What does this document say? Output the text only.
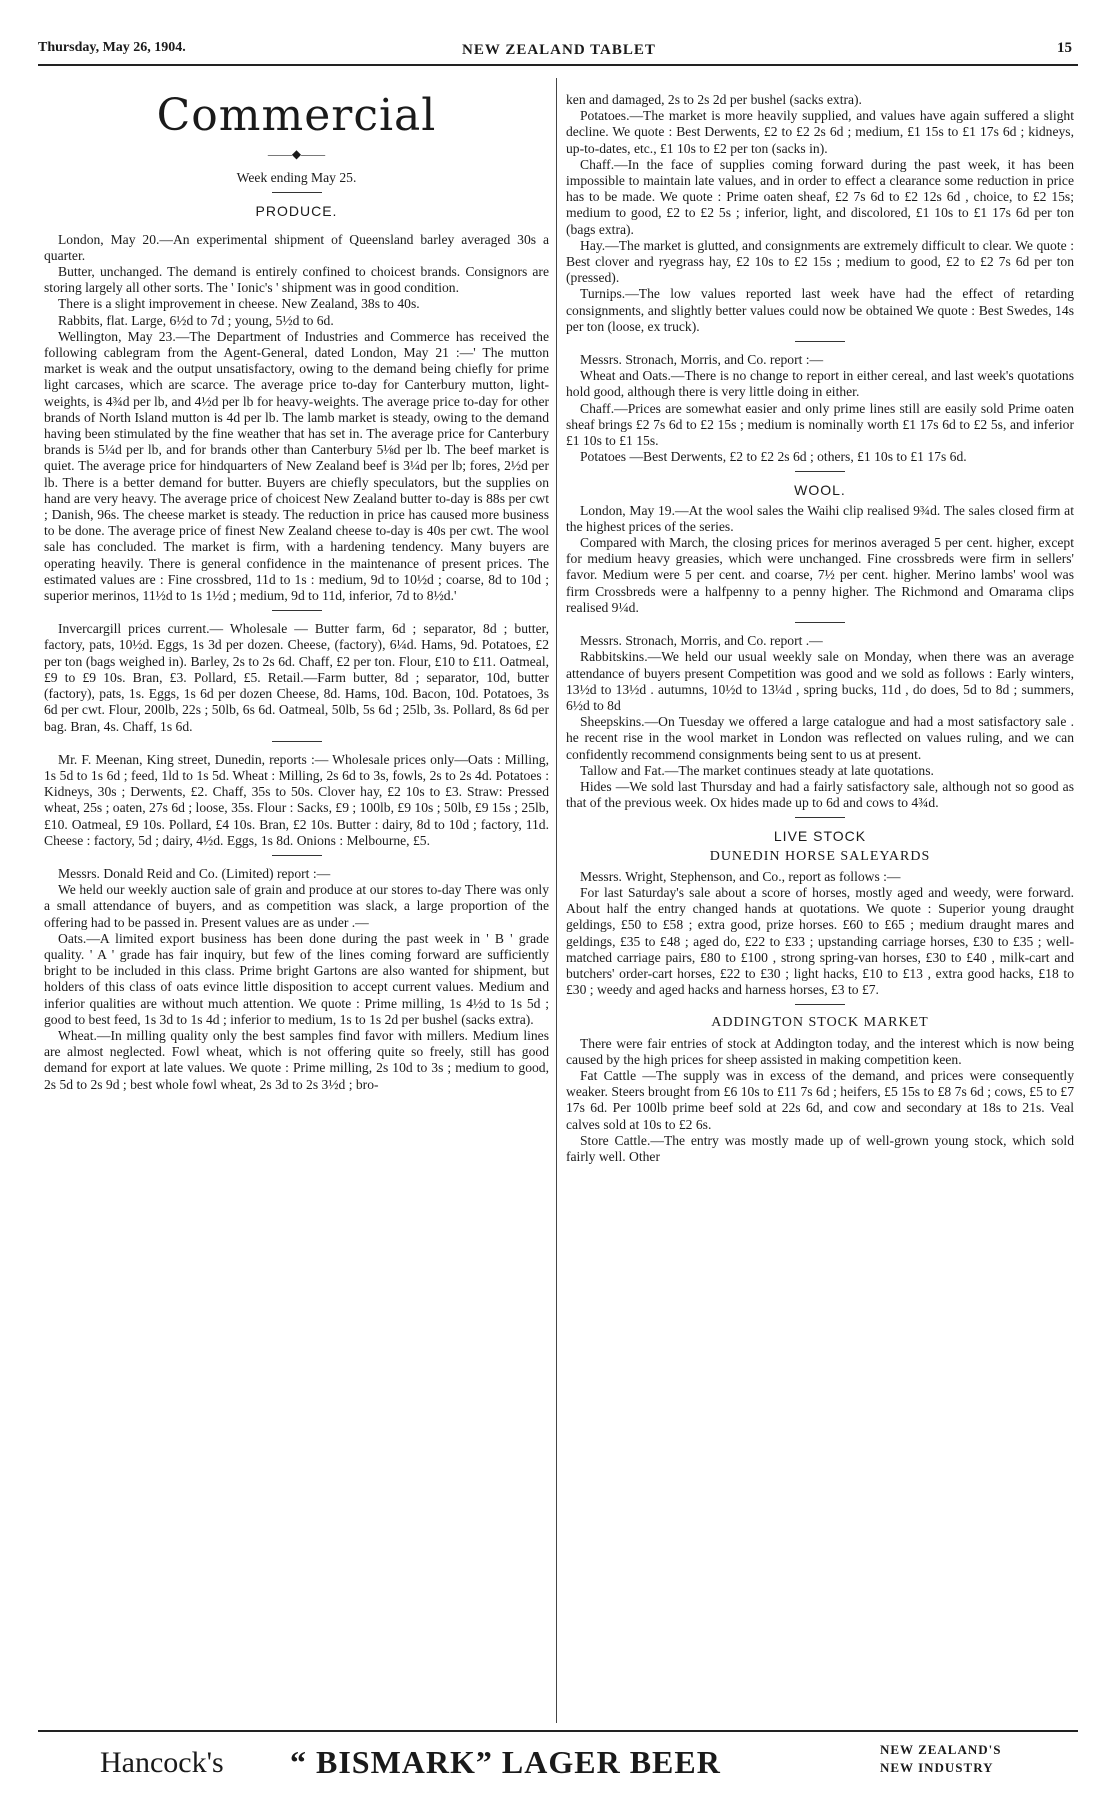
Thursday, May 26, 1904.	NEW ZEALAND TABLET	15
Commercial
——◆——

Week ending May 25.

PRODUCE.

London, May 20.—An experimental shipment of Queensland barley averaged 30s a quarter.

Butter, unchanged. The demand is entirely confined to choicest brands. Consignors are storing largely all other sorts. The ' Ionic's ' shipment was in good condition.

There is a slight improvement in cheese. New Zealand, 38s to 40s.

Rabbits, flat. Large, 6½d to 7d ; young, 5½d to 6d.

Wellington, May 23.—The Department of Industries and Commerce has received the following cablegram from the Agent-General, dated London, May 21 :—' The mutton market is weak and the output unsatisfactory, owing to the demand being chiefly for prime light carcases, which are scarce. The average price to-day for Canterbury mutton, light-weights, is 4¾d per lb, and 4½d per lb for heavy-weights. The average price to-day for other brands of North Island mutton is 4d per lb. The lamb market is steady, owing to the demand having been stimulated by the fine weather that has set in. The average price for Canterbury brands is 5¼d per lb, and for brands other than Canterbury 5⅛d per lb. The beef market is quiet. The average price for hindquarters of New Zealand beef is 3¼d per lb; fores, 2½d per lb. There is a better demand for butter. Buyers are chiefly speculators, but the supplies on hand are very heavy. The average price of choicest New Zealand butter to-day is 88s per cwt ; Danish, 96s. The cheese market is steady. The reduction in price has caused more business to be done. The average price of finest New Zealand cheese to-day is 40s per cwt. The wool sale has concluded. The market is firm, with a hardening tendency. Many buyers are operating heavily. There is general confidence in the maintenance of present prices. The estimated values are : Fine crossbred, 11d to 1s : medium, 9d to 10½d ; coarse, 8d to 10d ; superior merinos, 11½d to 1s 1½d ; medium, 9d to 11d, inferior, 7d to 8½d.'

Invercargill prices current.— Wholesale — Butter farm, 6d ; separator, 8d ; butter, factory, pats, 10½d. Eggs, 1s 3d per dozen. Cheese, (factory), 6¼d. Hams, 9d. Potatoes, £2 per ton (bags weighed in). Barley, 2s to 2s 6d. Chaff, £2 per ton. Flour, £10 to £11. Oatmeal, £9 to £9 10s. Bran, £3. Pollard, £5. Retail.—Farm butter, 8d ; separator, 10d, butter (factory), pats, 1s. Eggs, 1s 6d per dozen Cheese, 8d. Hams, 10d. Bacon, 10d. Potatoes, 3s 6d per cwt. Flour, 200lb, 22s ; 50lb, 6s 6d. Oatmeal, 50lb, 5s 6d ; 25lb, 3s. Pollard, 8s 6d per bag. Bran, 4s. Chaff, 1s 6d.

Mr. F. Meenan, King street, Dunedin, reports :— Wholesale prices only—Oats : Milling, 1s 5d to 1s 6d ; feed, 1ld to 1s 5d. Wheat : Milling, 2s 6d to 3s, fowls, 2s to 2s 4d. Potatoes : Kidneys, 30s ; Derwents, £2. Chaff, 35s to 50s. Clover hay, £2 10s to £3. Straw: Pressed wheat, 25s ; oaten, 27s 6d ; loose, 35s. Flour : Sacks, £9 ; 100lb, £9 10s ; 50lb, £9 15s ; 25lb, £10. Oatmeal, £9 10s. Pollard, £4 10s. Bran, £2 10s. Butter : dairy, 8d to 10d ; factory, 11d. Cheese : factory, 5d ; dairy, 4½d. Eggs, 1s 8d. Onions : Melbourne, £5.

Messrs. Donald Reid and Co. (Limited) report :—

We held our weekly auction sale of grain and produce at our stores to-day There was only a small attendance of buyers, and as competition was slack, a large proportion of the offering had to be passed in. Present values are as under .—

Oats.—A limited export business has been done during the past week in ' B ' grade quality. ' A ' grade has fair inquiry, but few of the lines coming forward are sufficiently bright to be included in this class. Prime bright Gartons are also wanted for shipment, but holders of this class of oats evince little disposition to accept current values. Medium and inferior qualities are without much attention. We quote : Prime milling, 1s 4½d to 1s 5d ; good to best feed, 1s 3d to 1s 4d ; inferior to medium, 1s to 1s 2d per bushel (sacks extra).

Wheat.—In milling quality only the best samples find favor with millers. Medium lines are almost neglected. Fowl wheat, which is not offering quite so freely, still has good demand for export at late values. We quote : Prime milling, 2s 10d to 3s ; medium to good, 2s 5d to 2s 9d ; best whole fowl wheat, 2s 3d to 2s 3½d ; bro-

ken and damaged, 2s to 2s 2d per bushel (sacks extra).

Potatoes.—The market is more heavily supplied, and values have again suffered a slight decline. We quote : Best Derwents, £2 to £2 2s 6d ; medium, £1 15s to £1 17s 6d ; kidneys, up-to-dates, etc., £1 10s to £2 per ton (sacks in).

Chaff.—In the face of supplies coming forward during the past week, it has been impossible to maintain late values, and in order to effect a clearance some reduction in price has to be made. We quote : Prime oaten sheaf, £2 7s 6d to £2 12s 6d , choice, to £2 15s; medium to good, £2 to £2 5s ; inferior, light, and discolored, £1 10s to £1 17s 6d per ton (bags extra).

Hay.—The market is glutted, and consignments are extremely difficult to clear. We quote : Best clover and ryegrass hay, £2 10s to £2 15s ; medium to good, £2 to £2 7s 6d per ton (pressed).

Turnips.—The low values reported last week have had the effect of retarding consignments, and slightly better values could now be obtained We quote : Best Swedes, 14s per ton (loose, ex truck).

Messrs. Stronach, Morris, and Co. report :—

Wheat and Oats.—There is no change to report in either cereal, and last week's quotations hold good, although there is very little doing in either.

Chaff.—Prices are somewhat easier and only prime lines still are easily sold Prime oaten sheaf brings £2 7s 6d to £2 15s ; medium is nominally worth £1 17s 6d to £2 5s, and inferior £1 10s to £1 15s.

Potatoes —Best Derwents, £2 to £2 2s 6d ; others, £1 10s to £1 17s 6d.

WOOL.

London, May 19.—At the wool sales the Waihi clip realised 9¾d. The sales closed firm at the highest prices of the series.

Compared with March, the closing prices for merinos averaged 5 per cent. higher, except for medium heavy greasies, which were unchanged. Fine crossbreds were firm in sellers' favor. Medium were 5 per cent. and coarse, 7½ per cent. higher. Merino lambs' wool was firm Crossbreds were a halfpenny to a penny higher. The Richmond and Omarama clips realised 9¼d.

Messrs. Stronach, Morris, and Co. report .—

Rabbitskins.—We held our usual weekly sale on Monday, when there was an average attendance of buyers present Competition was good and we sold as follows : Early winters, 13½d to 13½d . autumns, 10½d to 13¼d , spring bucks, 11d , do does, 5d to 8d ; summers, 6½d to 8d

Sheepskins.—On Tuesday we offered a large catalogue and had a most satisfactory sale . he recent rise in the wool market in London was reflected on values ruling, and we can confidently recommend consignments being sent to us at present.

Tallow and Fat.—The market continues steady at late quotations.

Hides —We sold last Thursday and had a fairly satisfactory sale, although not so good as that of the previous week. Ox hides made up to 6d and cows to 4¾d.

LIVE STOCK
DUNEDIN HORSE SALEYARDS

Messrs. Wright, Stephenson, and Co., report as follows :—

For last Saturday's sale about a score of horses, mostly aged and weedy, were forward. About half the entry changed hands at quotations. We quote : Superior young draught geldings, £50 to £58 ; extra good, prize horses. £60 to £65 ; medium draught mares and geldings, £35 to £48 ; aged do, £22 to £33 ; upstanding carriage horses, £30 to £35 ; well-matched carriage pairs, £80 to £100 , strong spring-van horses, £30 to £40 , milk-cart and butchers' order-cart horses, £22 to £30 ; light hacks, £10 to £13 , extra good hacks, £18 to £30 ; weedy and aged hacks and harness horses, £3 to £7.

ADDINGTON STOCK MARKET

There were fair entries of stock at Addington today, and the interest which is now being caused by the high prices for sheep assisted in making competition keen.

Fat Cattle —The supply was in excess of the demand, and prices were consequently weaker. Steers brought from £6 10s to £11 7s 6d ; heifers, £5 15s to £8 7s 6d ; cows, £5 to £7 17s 6d. Per 100lb prime beef sold at 22s 6d, and cow and secondary at 18s to 21s. Veal calves sold at 10s to £2 6s.

Store Cattle.—The entry was mostly made up of well-grown young stock, which sold fairly well. Other

Hancock's “ BISMARK” LAGER BEER	NEW ZEALAND'S
NEW INDUSTRY
